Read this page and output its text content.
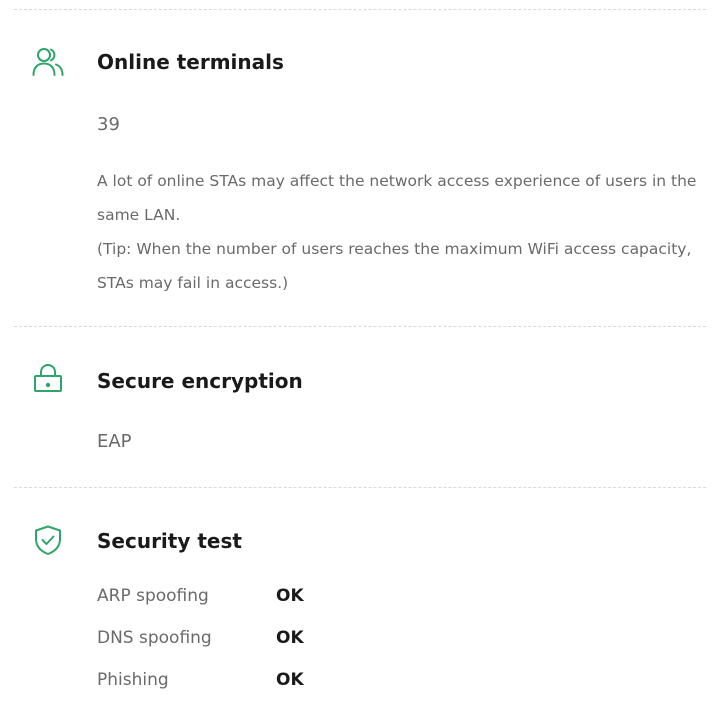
Online terminals
39

A lot of online STAs may affect the network access experience of users in the same LAN.

(Tip: When the number of users reaches the maximum WiFi access capacity, STAs may fail in access.)

Secure encryption
EAP
Security test
ARP spoofing	OK
DNS spoofing	OK
Phishing	OK
